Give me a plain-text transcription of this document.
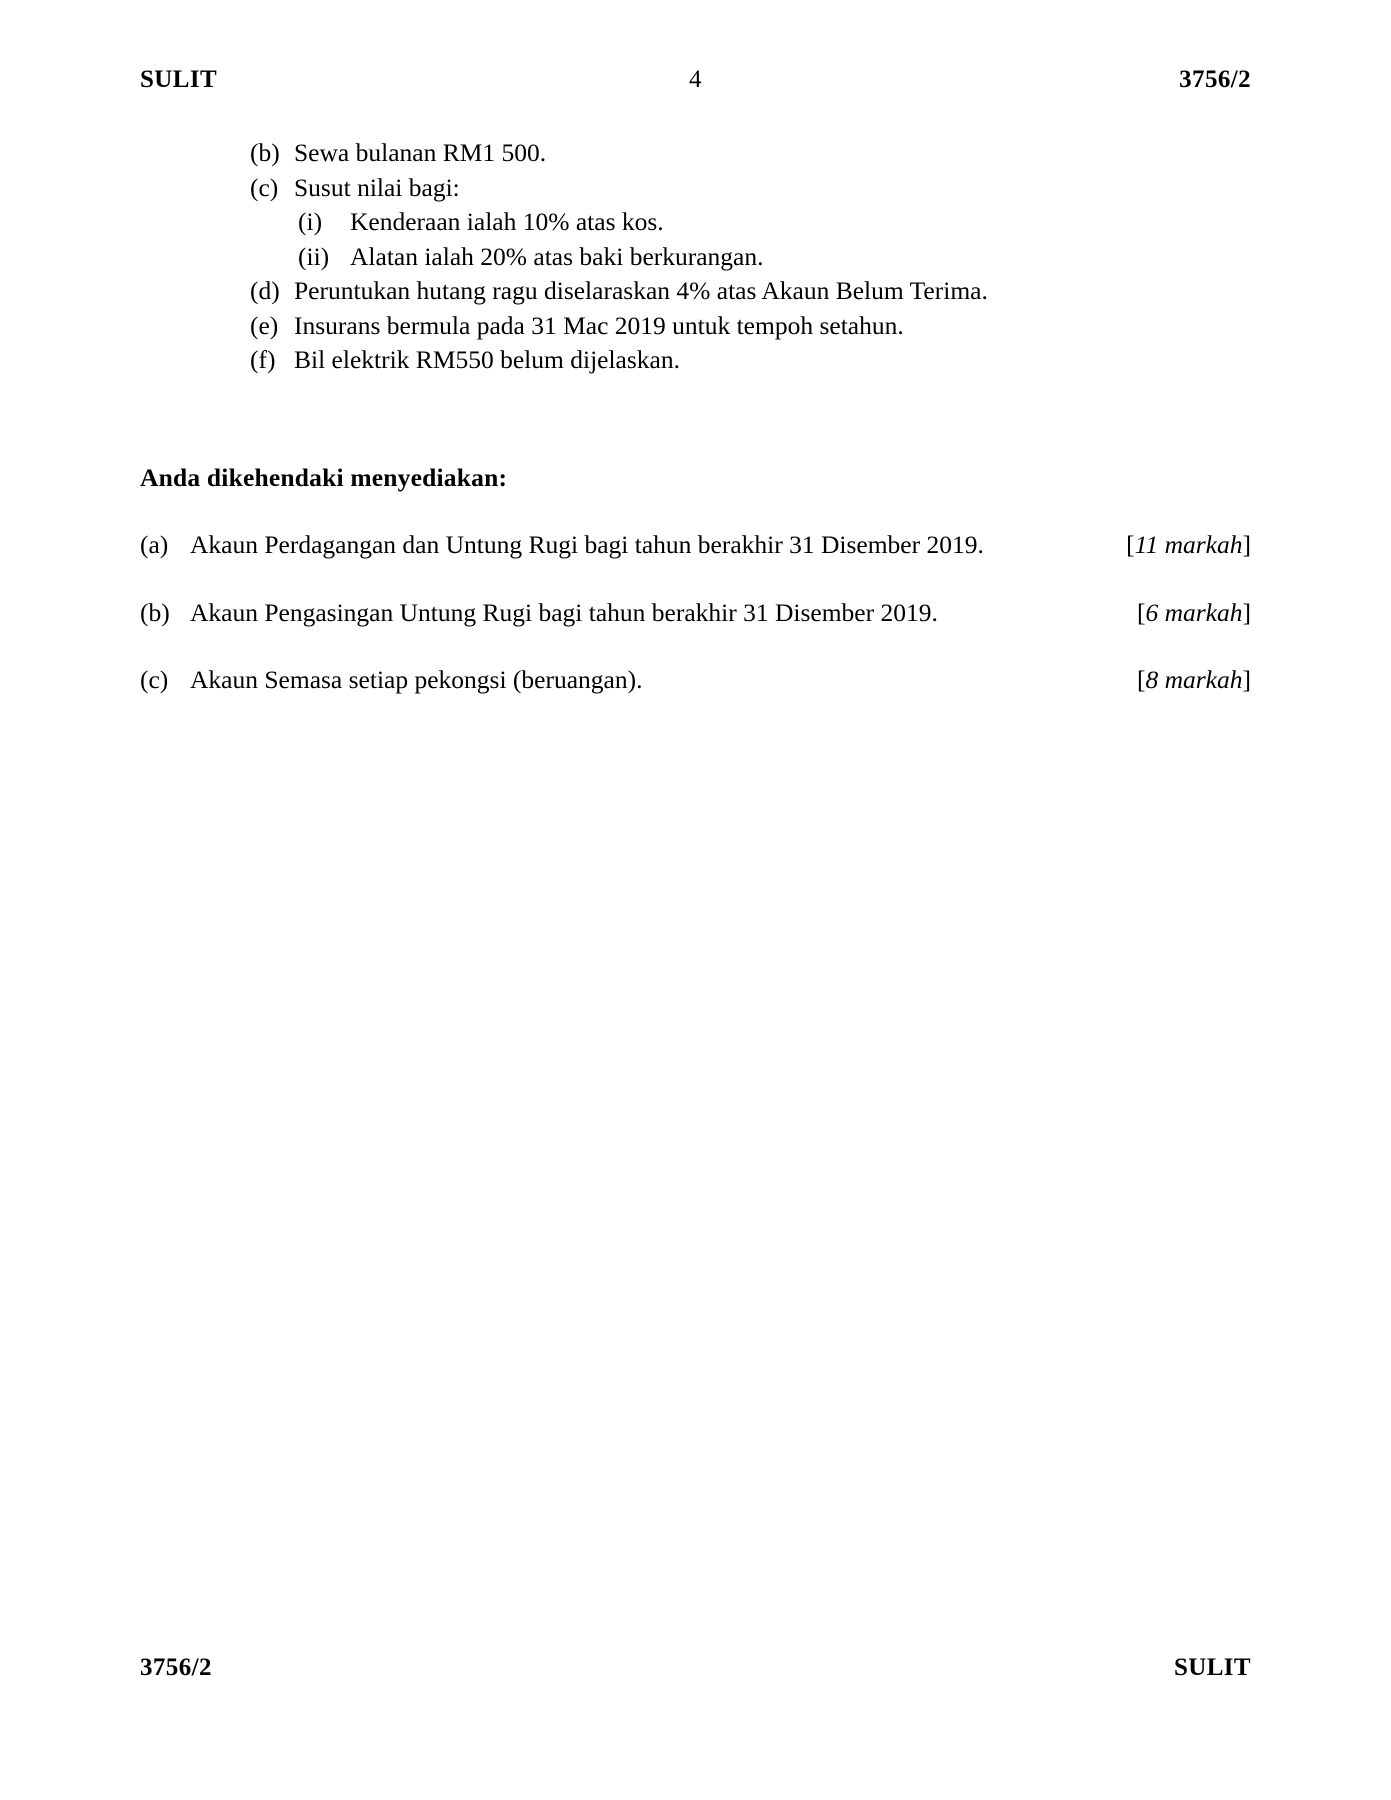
SULIT	4	3756/2
(b) Sewa bulanan RM1 500.
(c) Susut nilai bagi:
(i)	Kenderaan ialah 10% atas kos.
(ii) Alatan ialah 20% atas baki berkurangan.
(d) Peruntukan hutang ragu diselaraskan 4% atas Akaun Belum Terima.
(e) Insurans bermula pada 31 Mac 2019 untuk tempoh setahun.
(f) Bil elektrik RM550 belum dijelaskan.
Anda dikehendaki menyediakan:
(a) Akaun Perdagangan dan Untung Rugi bagi tahun berakhir 31 Disember 2019.	[11 markah]
(b) Akaun Pengasingan Untung Rugi bagi tahun berakhir 31 Disember 2019.	[6 markah]
(c) Akaun Semasa setiap pekongsi (beruangan).	[8 markah]
3756/2	SULIT
